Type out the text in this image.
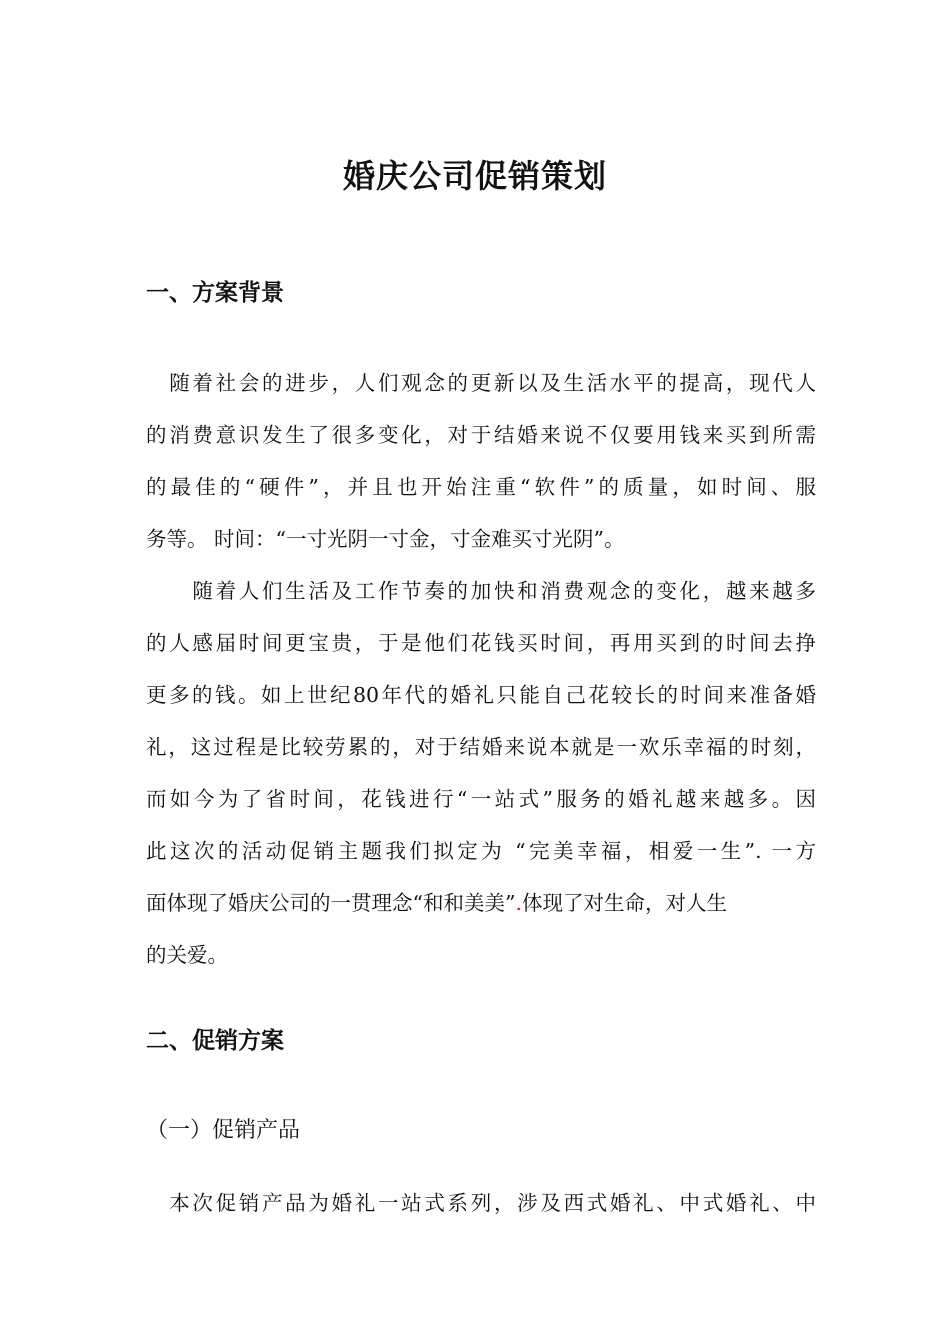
婚庆公司促销策划
一、方案背景
　随着社会的进步，人们观念的更新以及生活水平的提高，现代人
的消费意识发生了很多变化，对于结婚来说不仅要用钱来买到所需
的最佳的“硬件”，并且也开始注重“软件”的质量，如时间、服
务等。 时间：“一寸光阴一寸金，寸金难买寸光阴”。
　　随着人们生活及工作节奏的加快和消费观念的变化，越来越多
的人感届时间更宝贵，于是他们花钱买时间，再用买到的时间去挣
更多的钱。如上世纪80年代的婚礼只能自己花较长的时间来准备婚
礼，这过程是比较劳累的，对于结婚来说本就是一欢乐幸福的时刻，
而如今为了省时间，花钱进行“一站式”服务的婚礼越来越多。因
此这次的活动促销主题我们拟定为 “完美幸福，相爱一生”. 一方
面体现了婚庆公司的一贯理念“和和美美”.体现了对生命，对人生
的关爱。
二、促销方案
（一）促销产品
　本次促销产品为婚礼一站式系列，涉及西式婚礼、中式婚礼、中
